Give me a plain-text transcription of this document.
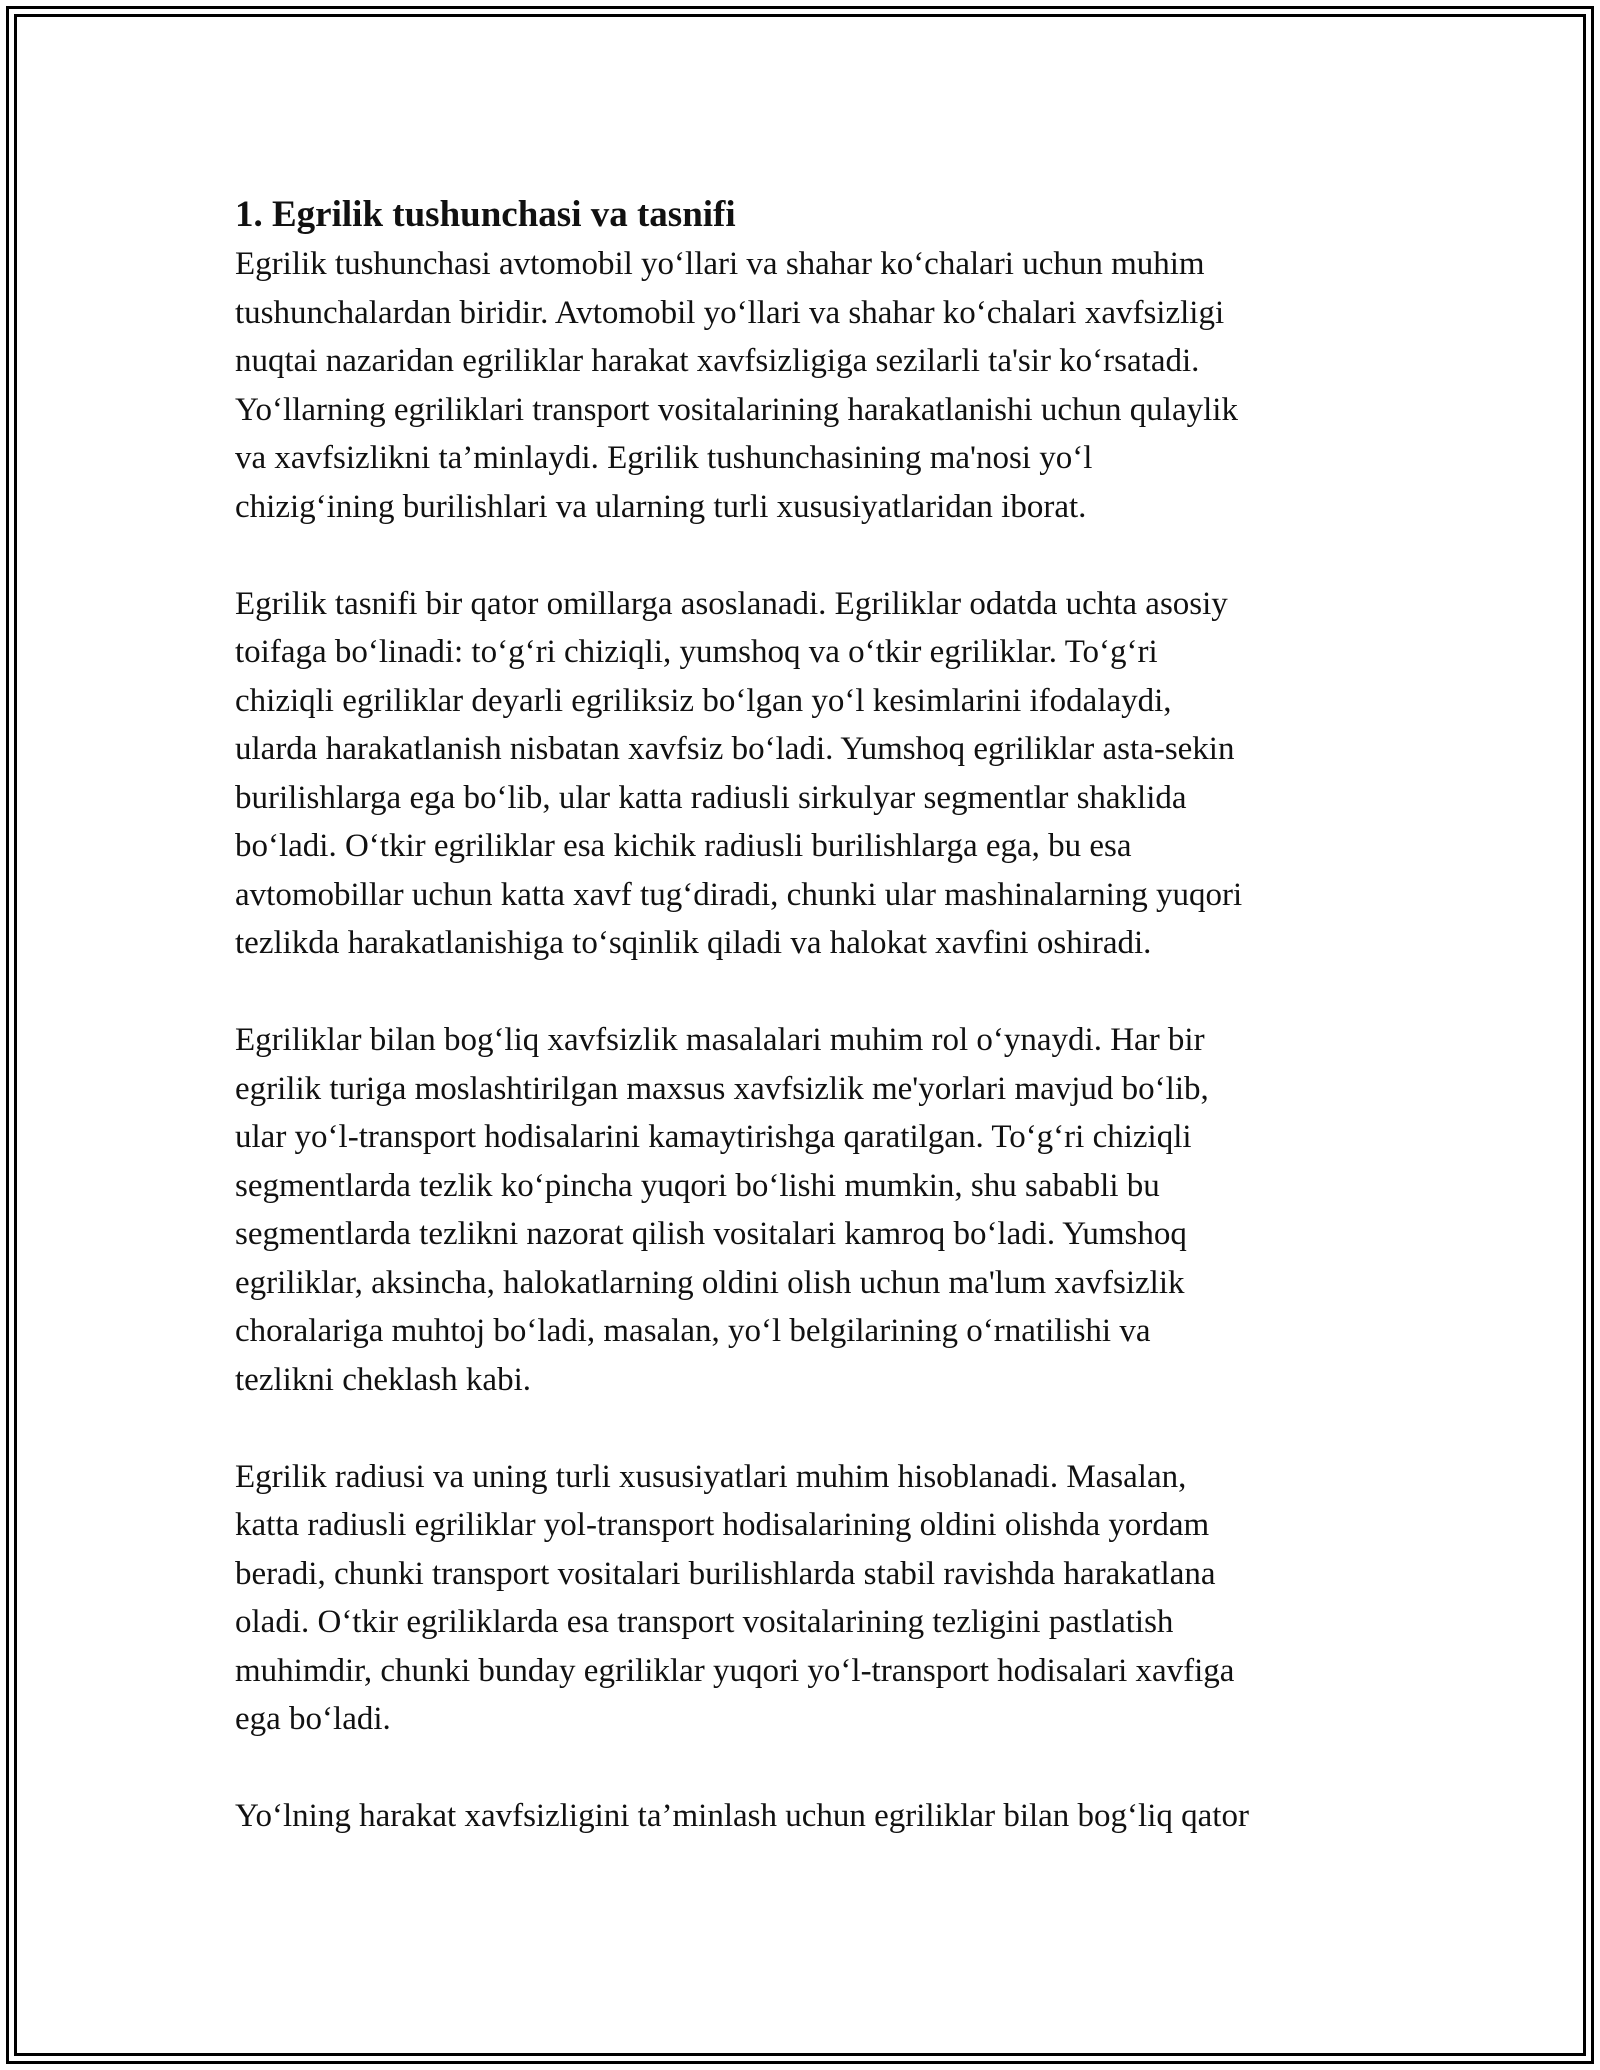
1. Egrilik tushunchasi va tasnifi

Egrilik tushunchasi avtomobil yo‘llari va shahar ko‘chalari uchun muhim
tushunchalardan biridir. Avtomobil yo‘llari va shahar ko‘chalari xavfsizligi
nuqtai nazaridan egriliklar harakat xavfsizligiga sezilarli ta'sir ko‘rsatadi.
Yo‘llarning egriliklari transport vositalarining harakatlanishi uchun qulaylik
va xavfsizlikni ta’minlaydi. Egrilik tushunchasining ma'nosi yo‘l
chizig‘ining burilishlari va ularning turli xususiyatlaridan iborat.

Egrilik tasnifi bir qator omillarga asoslanadi. Egriliklar odatda uchta asosiy
toifaga bo‘linadi: to‘g‘ri chiziqli, yumshoq va o‘tkir egriliklar. To‘g‘ri
chiziqli egriliklar deyarli egriliksiz bo‘lgan yo‘l kesimlarini ifodalaydi,
ularda harakatlanish nisbatan xavfsiz bo‘ladi. Yumshoq egriliklar asta-sekin
burilishlarga ega bo‘lib, ular katta radiusli sirkulyar segmentlar shaklida
bo‘ladi. O‘tkir egriliklar esa kichik radiusli burilishlarga ega, bu esa
avtomobillar uchun katta xavf tug‘diradi, chunki ular mashinalarning yuqori
tezlikda harakatlanishiga to‘sqinlik qiladi va halokat xavfini oshiradi.

Egriliklar bilan bog‘liq xavfsizlik masalalari muhim rol o‘ynaydi. Har bir
egrilik turiga moslashtirilgan maxsus xavfsizlik me'yorlari mavjud bo‘lib,
ular yo‘l-transport hodisalarini kamaytirishga qaratilgan. To‘g‘ri chiziqli
segmentlarda tezlik ko‘pincha yuqori bo‘lishi mumkin, shu sababli bu
segmentlarda tezlikni nazorat qilish vositalari kamroq bo‘ladi. Yumshoq
egriliklar, aksincha, halokatlarning oldini olish uchun ma'lum xavfsizlik
choralariga muhtoj bo‘ladi, masalan, yo‘l belgilarining o‘rnatilishi va
tezlikni cheklash kabi.

Egrilik radiusi va uning turli xususiyatlari muhim hisoblanadi. Masalan,
katta radiusli egriliklar yol-transport hodisalarining oldini olishda yordam
beradi, chunki transport vositalari burilishlarda stabil ravishda harakatlana
oladi. O‘tkir egriliklarda esa transport vositalarining tezligini pastlatish
muhimdir, chunki bunday egriliklar yuqori yo‘l-transport hodisalari xavfiga
ega bo‘ladi.

Yo‘lning harakat xavfsizligini ta’minlash uchun egriliklar bilan bog‘liq qator
